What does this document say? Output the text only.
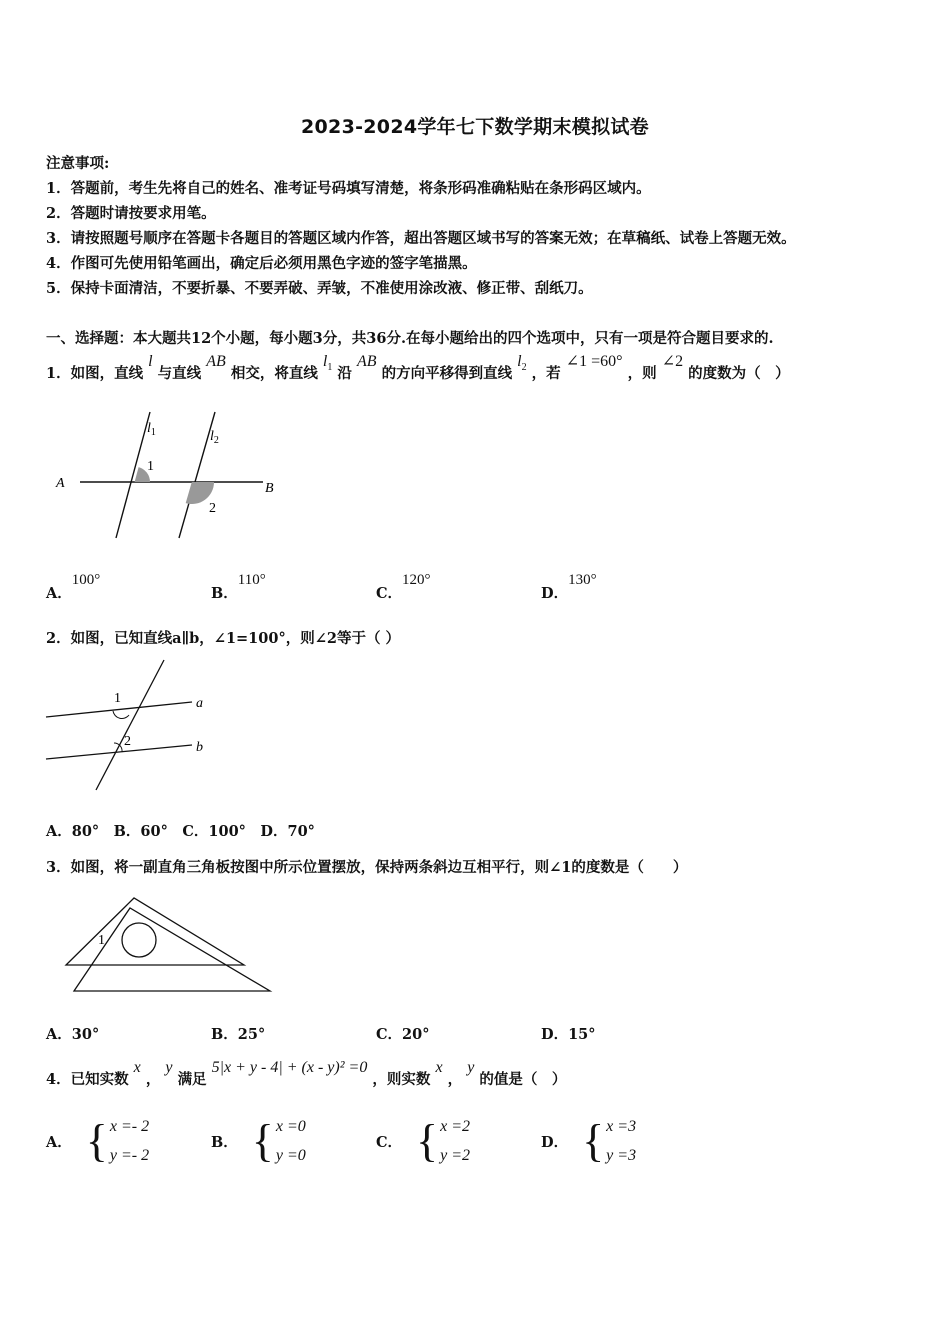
2023-2024学年七下数学期末模拟试卷
注意事项:
1．答题前，考生先将自己的姓名、准考证号码填写清楚，将条形码准确粘贴在条形码区域内。
2．答题时请按要求用笔。
3．请按照题号顺序在答题卡各题目的答题区域内作答，超出答题区域书写的答案无效；在草稿纸、试卷上答题无效。
4．作图可先使用铅笔画出，确定后必须用黑色字迹的签字笔描黑。
5．保持卡面清洁，不要折暴、不要弄破、弄皱，不准使用涂改液、修正带、刮纸刀。
一、选择题：本大题共12个小题，每小题3分，共36分.在每小题给出的四个选项中，只有一项是符合题目要求的.
1．如图，直线 l 与直线 AB 相交，将直线 $l_1$ 沿 AB 的方向平移得到直线 $l_2$ ，若 ∠1 =60° ，则 ∠2 的度数为（　）
$l_1$	$l_2$
A	B
1
2
A．100°
B．110°
C．120°
D．130°
2．如图，已知直线a∥b，∠1=100°，则∠2等于（ ）
1
2
a
b
A．80°　B．60°　C．100°　D．70°
3．如图，将一副直角三角板按图中所示位置摆放，保持两条斜边互相平行，则∠1的度数是（　　）
1
A．30°	B．25°	C．20°	D．15°
4．已知实数 x ， y 满足 5|x + y - 4| + (x - y)² =0 ，则实数 x ， y 的值是（　）
A． { x =- 2
y =- 2
B． { x =0
y =0
C． { x =2
y =2
D． { x =3
y =3
